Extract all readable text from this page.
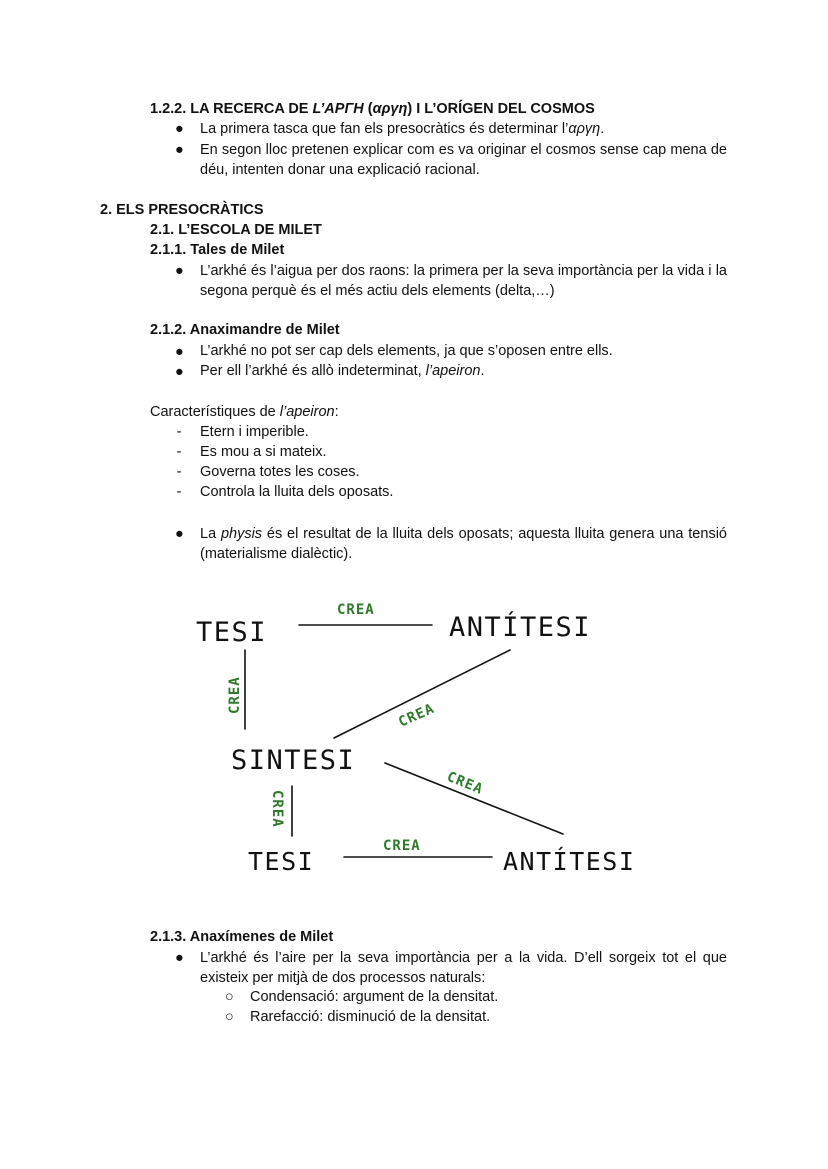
1.2.2. LA RECERCA DE L’ΑΡΓΗ (αργη) I L’ORÍGEN DEL COSMOS
● La primera tasca que fan els presocràtics és determinar l’αργη.
● En segon lloc pretenen explicar com es va originar el cosmos sense cap mena de déu, intenten donar una explicació racional.
2. ELS PRESOCRÀTICS
2.1. L’ESCOLA DE MILET
2.1.1. Tales de Milet
● L’arkhé és l’aigua per dos raons: la primera per la seva importància per la vida i la segona perquè és el més actiu dels elements (delta,…)
2.1.2. Anaximandre de Milet
● L’arkhé no pot ser cap dels elements, ja que s’oposen entre ells.
● Per ell l’arkhé és allò indeterminat, l’apeiron.
Característiques de l’apeiron:
- Etern i imperible.
- Es mou a si mateix.
- Governa totes les coses.
- Controla la lluita dels oposats.
● La physis és el resultat de la lluita dels oposats; aquesta lluita genera una tensió (materialisme dialèctic).
TESI	ANTÍTESI
SINTESI
TESI	ANTÍTESI
CREA
CREA
CREA
CREA
CREA
CREA
2.1.3. Anaxímenes de Milet
● L’arkhé és l’aire per la seva importància per a la vida. D’ell sorgeix tot el que existeix per mitjà de dos processos naturals:
○ Condensació: argument de la densitat.
○ Rarefacció: disminució de la densitat.
